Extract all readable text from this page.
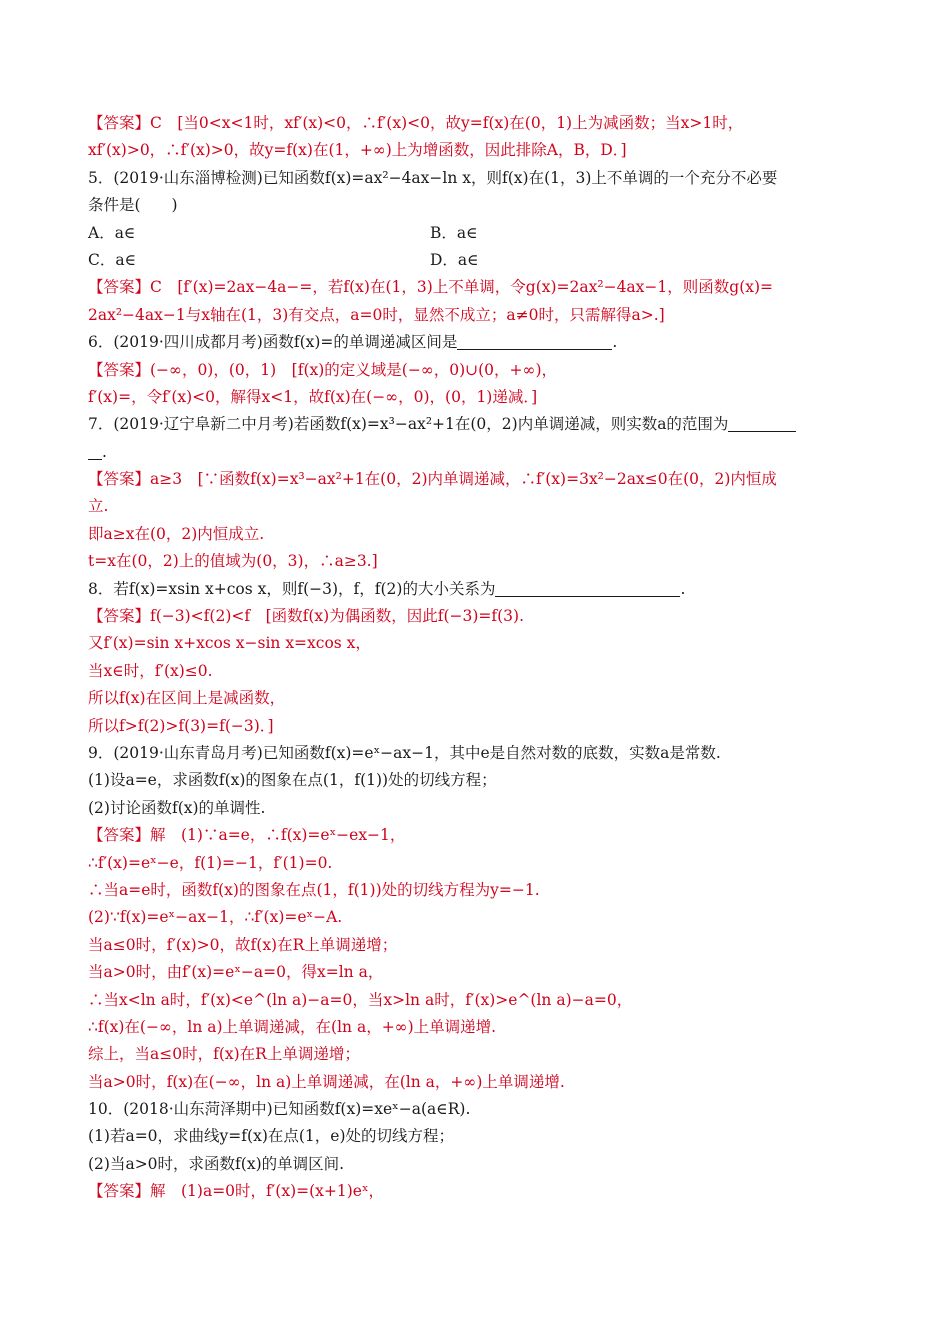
【答案】C　[当0<x<1时，xf′(x)<0，∴f′(x)<0，故y=f(x)在(0，1)上为减函数；当x>1时，
xf′(x)>0，∴f′(x)>0，故y=f(x)在(1，+∞)上为增函数，因此排除A，B，D．]
5．(2019·山东淄博检测)已知函数f(x)=ax²−4ax−ln x，则f(x)在(1，3)上不单调的一个充分不必要
条件是(　　)
A．a∈	B．a∈
C．a∈	D．a∈
【答案】C　[f′(x)=2ax−4a−=，若f(x)在(1，3)上不单调，令g(x)=2ax²−4ax−1，则函数g(x)=
2ax²−4ax−1与x轴在(1，3)有交点，a=0时，显然不成立；a≠0时，只需解得a>.]
6．(2019·四川成都月考)函数f(x)=的单调递减区间是	.
【答案】(−∞，0)，(0，1)　[f(x)的定义域是(−∞，0)∪(0，+∞)，
f′(x)=，令f′(x)<0，解得x<1，故f(x)在(−∞，0)，(0，1)递减．]
7．(2019·辽宁阜新二中月考)若函数f(x)=x³−ax²+1在(0，2)内单调递减，则实数a的范围为
.
【答案】a≥3　[∵函数f(x)=x³−ax²+1在(0，2)内单调递减，∴f′(x)=3x²−2ax≤0在(0，2)内恒成
立.
即a≥x在(0，2)内恒成立.
t=x在(0，2)上的值域为(0，3)，∴a≥3.]
8．若f(x)=xsin x+cos x，则f(−3)，f，f(2)的大小关系为	.
【答案】f(−3)<f(2)<f　[函数f(x)为偶函数，因此f(−3)=f(3).
又f′(x)=sin x+xcos x−sin x=xcos x，
当x∈时，f′(x)≤0.
所以f(x)在区间上是减函数，
所以f>f(2)>f(3)=f(−3)．]
9．(2019·山东青岛月考)已知函数f(x)=eˣ−ax−1，其中e是自然对数的底数，实数a是常数.
(1)设a=e，求函数f(x)的图象在点(1，f(1))处的切线方程；
(2)讨论函数f(x)的单调性.
【答案】解　(1)∵a=e，∴f(x)=eˣ−ex−1，
∴f′(x)=eˣ−e，f(1)=−1，f′(1)=0.
∴当a=e时，函数f(x)的图象在点(1，f(1))处的切线方程为y=−1.
(2)∵f(x)=eˣ−ax−1，∴f′(x)=eˣ−A.
当a≤0时，f′(x)>0，故f(x)在R上单调递增；
当a>0时，由f′(x)=eˣ−a=0，得x=ln a，
∴当x<ln a时，f′(x)<e^(ln a)−a=0，当x>ln a时，f′(x)>e^(ln a)−a=0，
∴f(x)在(−∞，ln a)上单调递减，在(ln a，+∞)上单调递增.
综上，当a≤0时，f(x)在R上单调递增；
当a>0时，f(x)在(−∞，ln a)上单调递减，在(ln a，+∞)上单调递增.
10．(2018·山东菏泽期中)已知函数f(x)=xeˣ−a(a∈R).
(1)若a=0，求曲线y=f(x)在点(1，e)处的切线方程；
(2)当a>0时，求函数f(x)的单调区间.
【答案】解　(1)a=0时，f′(x)=(x+1)eˣ，
